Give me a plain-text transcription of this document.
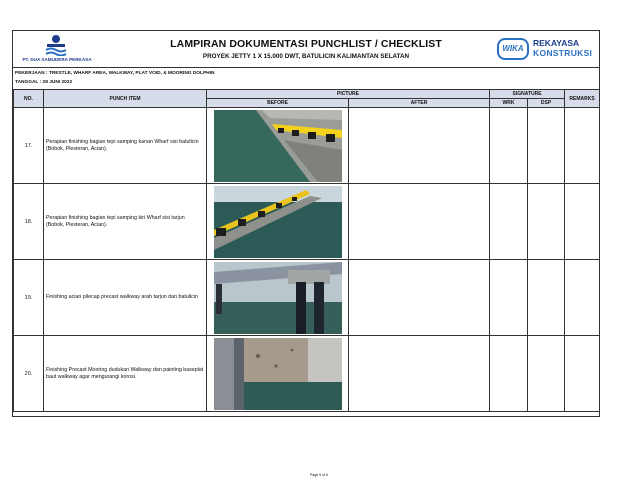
PT. DUA SAMUDERA PERKASA
LAMPIRAN DOKUMENTASI PUNCHLIST / CHECKLIST
PROYEK JETTY 1 X 15.000 DWT, BATULICIN KALIMANTAN SELATAN
WIKA
REKAYASA
KONSTRUKSI
PEKERJAAN : TRESTLE, WHARF AREA, WALKWAY, PLAT VOID, & MOORING DOLPHIN
TANGGAL : 28 JUNI 2022
NO.	PUNCH ITEM	PICTURE		SIGNATURE		REMARKS
		BEFORE	AFTER	WRK	DSP	
17.	Perapian finishing bagian tepi samping kanan Wharf sisi batulicin (Bobok, Plesteran, Acian).	

18.	Perapian finishing bagian tepi samping kiri Wharf sisi tarjun (Bobok, Plesteran, Acian).	

19.	Finishing acian pilecap precast walkway arah tarjun dan batulicin	

20.	Finishing Precast Mooring dudukan Walkway dan painting baseplat baut walkway agar mengurangi korosi.	

Page 5 of 6
